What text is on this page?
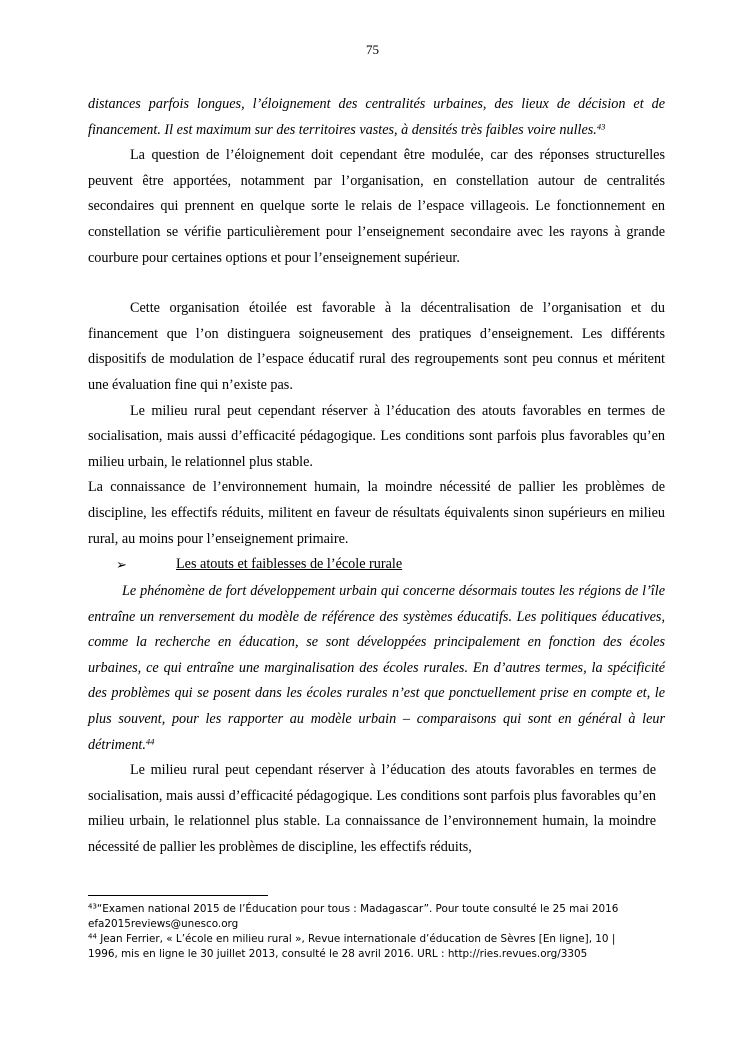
75

distances parfois longues, l’éloignement des centralités urbaines, des lieux de décision et de financement. Il est maximum sur des territoires vastes, à densités très faibles voire nulles.$^{43}$

La question de l’éloignement doit cependant être modulée, car des réponses structurelles peuvent être apportées, notamment par l’organisation, en constellation autour de centralités secondaires qui prennent en quelque sorte le relais de l’espace villageois. Le fonctionnement en constellation se vérifie particulièrement pour l’enseignement secondaire avec les rayons à grande courbure pour certaines options et pour l’enseignement supérieur.

Cette organisation étoilée est favorable à la décentralisation de l’organisation et du financement que l’on distinguera soigneusement des pratiques d’enseignement. Les différents dispositifs de modulation de l’espace éducatif rural des regroupements sont peu connus et méritent une évaluation fine qui n’existe pas.

Le milieu rural peut cependant réserver à l’éducation des atouts favorables en termes de socialisation, mais aussi d’efficacité pédagogique. Les conditions sont parfois plus favorables qu’en milieu urbain, le relationnel plus stable.

La connaissance de l’environnement humain, la moindre nécessité de pallier les problèmes de discipline, les effectifs réduits, militent en faveur de résultats équivalents sinon supérieurs en milieu rural, au moins pour l’enseignement primaire.

➢	Les atouts et faiblesses de l’école rurale

Le phénomène de fort développement urbain qui concerne désormais toutes les régions de l’île entraîne un renversement du modèle de référence des systèmes éducatifs. Les politiques éducatives, comme la recherche en éducation, se sont développées principalement en fonction des écoles urbaines, ce qui entraîne une marginalisation des écoles rurales. En d’autres termes, la spécificité des problèmes qui se posent dans les écoles rurales n’est que ponctuellement prise en compte et, le plus souvent, pour les rapporter au modèle urbain – comparaisons qui sont en général à leur détriment.$^{44}$

Le milieu rural peut cependant réserver à l’éducation des atouts favorables en termes de socialisation, mais aussi d’efficacité pédagogique. Les conditions sont parfois plus favorables qu’en milieu urbain, le relationnel plus stable. La connaissance de l’environnement humain, la moindre nécessité de pallier les problèmes de discipline, les effectifs réduits,

$^{43}$“Examen national 2015 de l’Éducation pour tous : Madagascar”. Pour toute consulté le 25 mai 2016 efa2015reviews@unesco.org

$^{44}$ Jean Ferrier, « L’école en milieu rural », Revue internationale d’éducation de Sèvres [En ligne], 10 | 1996, mis en ligne le 30 juillet 2013, consulté le 28 avril 2016. URL : http://ries.revues.org/3305
